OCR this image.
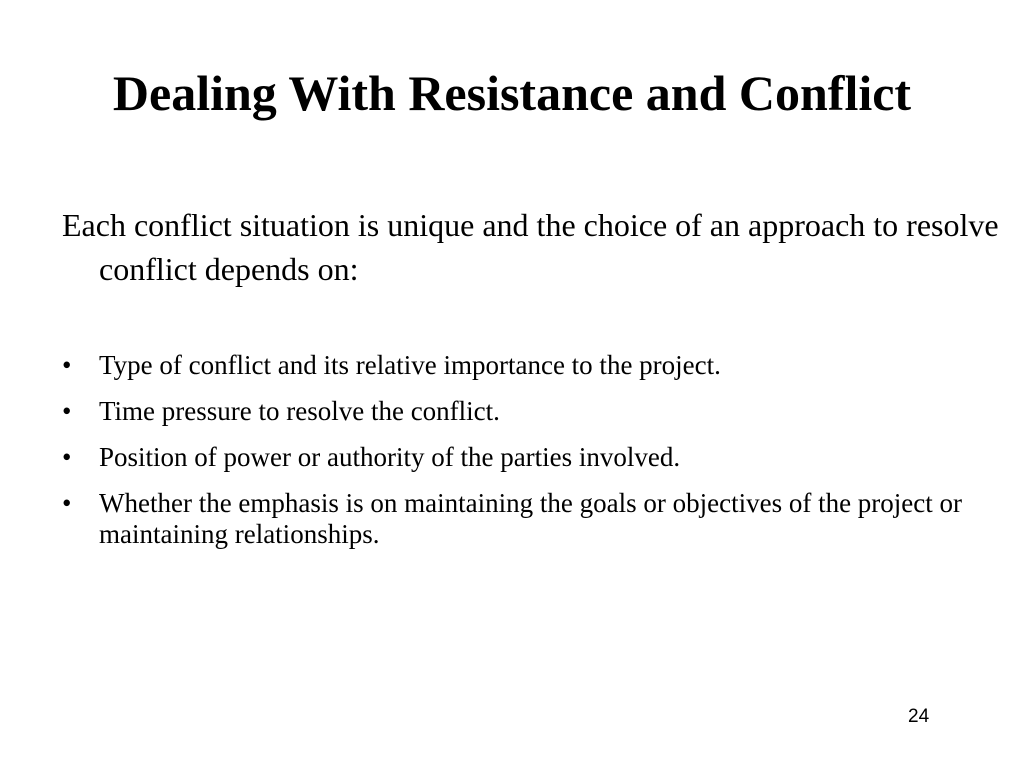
Dealing With Resistance and Conflict
Each conflict situation is unique and the choice of an approach to resolve conflict depends on:
•	Type of conflict and its relative importance to the project.
•	Time pressure to resolve the conflict.
•	Position of power or authority of the parties involved.
•	Whether the emphasis is on maintaining the goals or objectives of the project or maintaining relationships.
24
